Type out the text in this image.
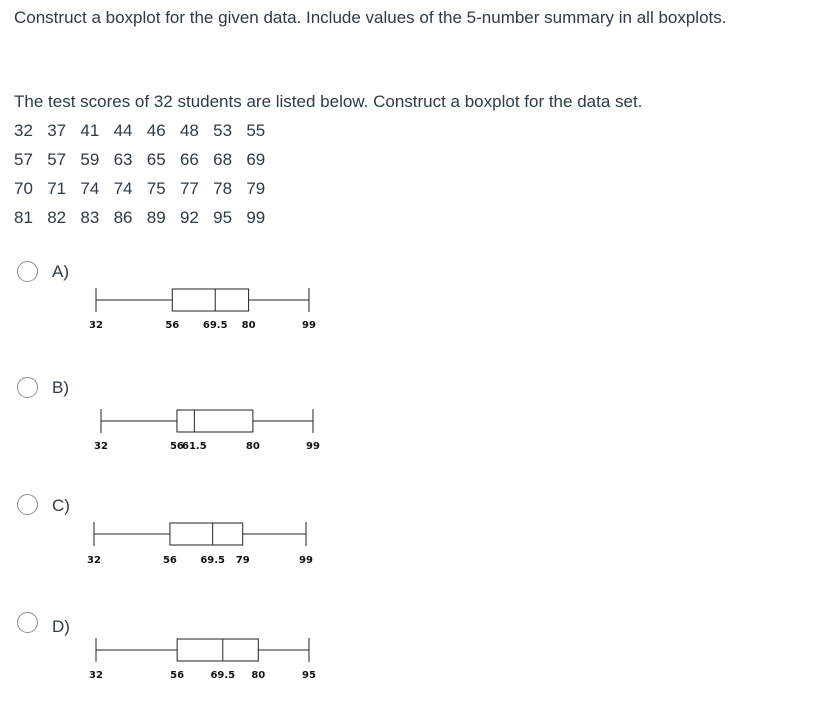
Construct a boxplot for the given data. Include values of the 5-number summary in all boxplots.
The test scores of 32 students are listed below. Construct a boxplot for the data set.
32 37 41 44 46 48 53 55
57 57 59 63 65 66 68 69
70 71 74 74 75 77 78 79
81 82 83 86 89 92 95 99
A)
32	56 69.5 80	99
B)
32	56
61.5	80	99
C)
32	56 69.5 79	99
D)
32	56	69.5 80	95
